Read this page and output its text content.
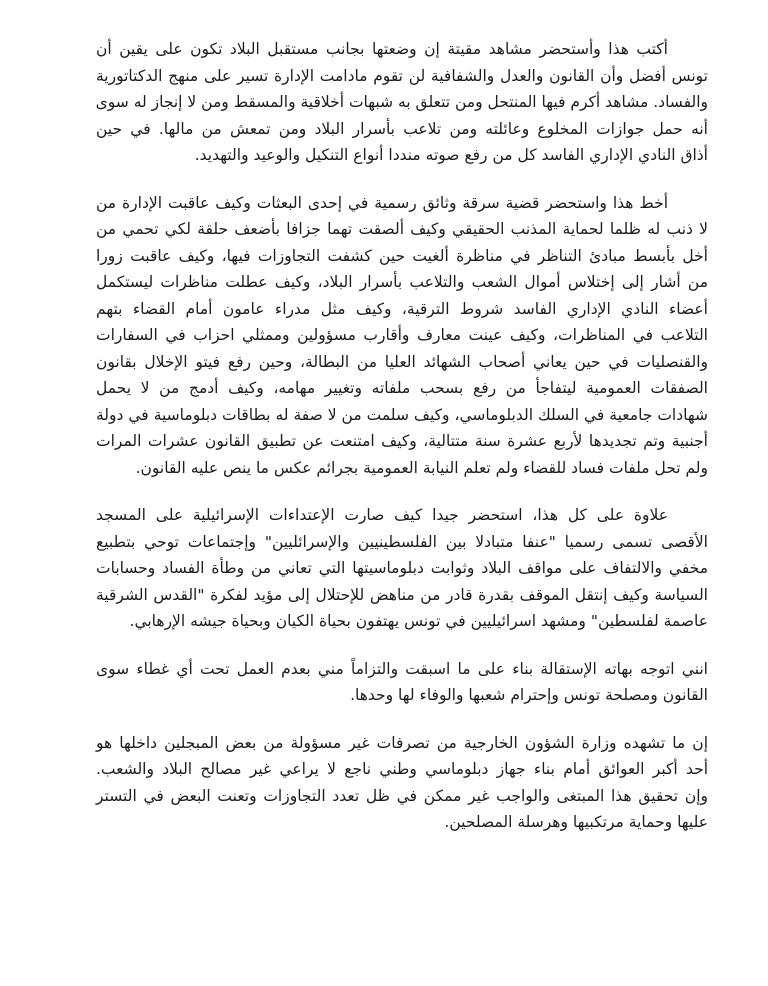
أكتب هذا وأستحضر مشاهد مقيتة إن وضعتها بجانب مستقبل البلاد تكون على يقين أن
تونس أفضل وأن القانون والعدل والشفافية لن تقوم مادامت الإدارة تسير على منهج الدكتاتورية
والفساد. مشاهد أكرم فيها المنتحل ومن تتعلق به شبهات أخلاقية والمسقط ومن لا إنجاز له سوى
أنه حمل جوازات المخلوع وعائلته ومن تلاعب بأسرار البلاد ومن تمعش من مالها. في حين
أذاق النادي الإداري الفاسد كل من رفع صوته منددا أنواع التنكيل والوعيد والتهديد.
أخط هذا واستحضر قضية سرقة وثائق رسمية في إحدى البعثات وكيف عاقبت الإدارة من
لا ذنب له ظلما لحماية المذنب الحقيقي وكيف ألصقت تهما جزافا بأضعف حلقة لكي تحمي من
أخل بأبسط مبادئ التناظر في مناظرة ألغيت حين كشفت التجاوزات فيها، وكيف عاقبت زورا
من أشار إلى إختلاس أموال الشعب والتلاعب بأسرار البلاد، وكيف عطلت مناظرات ليستكمل
أعضاء النادي الإداري الفاسد شروط الترقية، وكيف مثل مدراء عامون أمام القضاء بتهم
التلاعب في المناظرات، وكيف عينت معارف وأقارب مسؤولين وممثلي احزاب في السفارات
والقنصليات في حين يعاني أصحاب الشهائد العليا من البطالة، وحين رفع فيتو الإخلال بقانون
الصفقات العمومية ليتفاجأ من رفع بسحب ملفاته وتغيير مهامه، وكيف أدمج من لا يحمل
شهادات جامعية في السلك الدبلوماسي، وكيف سلمت من لا صفة له بطاقات دبلوماسية في دولة
أجنبية وتم تجديدها لأربع عشرة سنة متتالية، وكيف امتنعت عن تطبيق القانون عشرات المرات
ولم تحل ملفات فساد للقضاء ولم تعلم النيابة العمومية بجرائم عكس ما ينص عليه القانون.
علاوة على كل هذا، استحضر جيدا كيف صارت الإعتداءات الإسرائيلية على المسجد
الأقصى تسمى رسميا "عنفا متبادلا بين الفلسطينيين والإسرائليين" وإجتماعات توحي بتطبيع
مخفي والالتفاف على مواقف البلاد وثوابت دبلوماسيتها التي تعاني من وطأة الفساد وحسابات
السياسة وكيف إنتقل الموقف بقدرة قادر من مناهض للإحتلال إلى مؤيد لفكرة "القدس الشرقية
عاصمة لفلسطين" ومشهد اسرائيليين في تونس يهتفون بحياة الكيان وبحياة جيشه الإرهابي.
انني اتوجه بهاته الإستقالة بناء على ما اسبقت والتزاماً مني بعدم العمل تحت أي غطاء سوى
القانون ومصلحة تونس وإحترام شعبها والوفاء لها وحدها.
إن ما تشهده وزارة الشؤون الخارجية من تصرفات غير مسؤولة من بعض المبجلين داخلها هو
أحد أكبر العوائق أمام بناء جهاز دبلوماسي وطني ناجع لا يراعي غير مصالح البلاد والشعب.
وإن تحقيق هذا المبتغى والواجب غير ممكن في ظل تعدد التجاوزات وتعنت البعض في التستر
عليها وحماية مرتكبيها وهرسلة المصلحين.
